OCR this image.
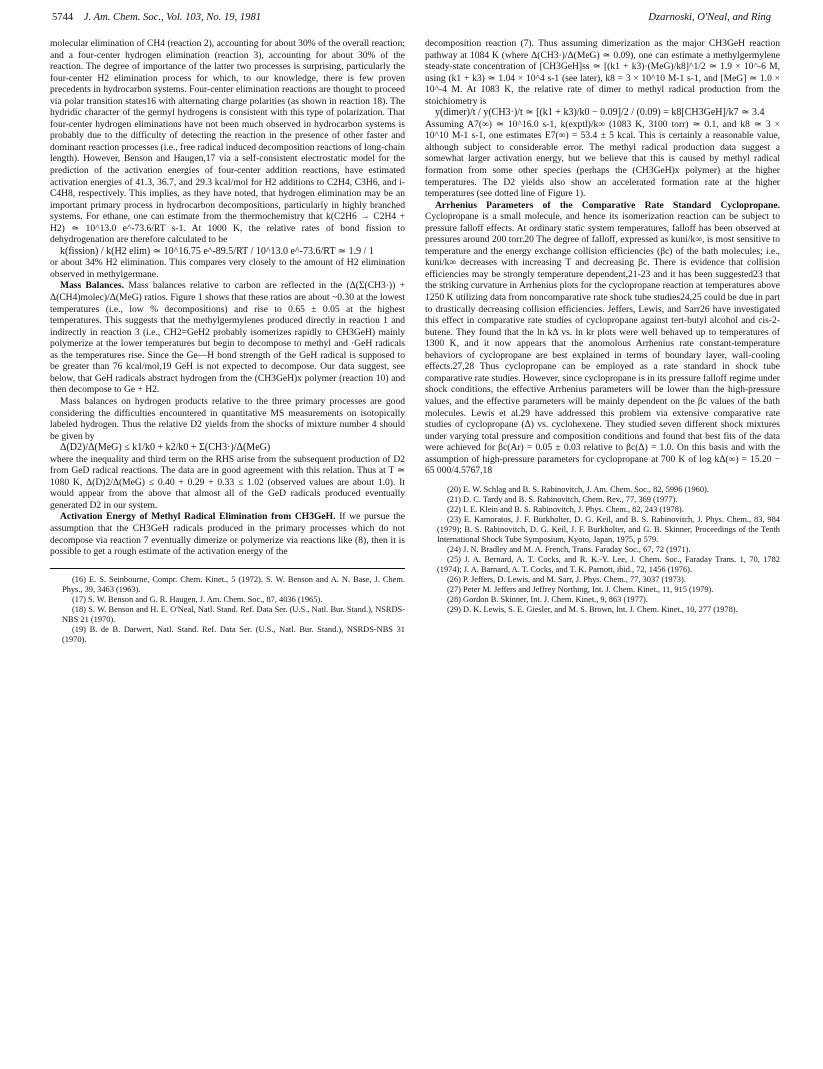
5744 J. Am. Chem. Soc., Vol. 103, No. 19, 1981	Dzarnoski, O'Neal, and Ring

molecular elimination of CH4 (reaction 2), accounting for about 30% of the overall reaction; and a four-center hydrogen elimination (reaction 3), accounting for about 30% of the reaction. The degree of importance of the latter two processes is surprising, particularly the four-center H2 elimination process for which, to our knowledge, there is few proven precedents in hydrocarbon systems. Four-center elimination reactions are thought to proceed via polar transition states16 with alternating charge polarities (as shown in reaction 18). The hydridic character of the germyl hydrogens is consistent with this type of polarization. That four-center hydrogen eliminations have not been much observed in hydrocarbon systems is probably due to the difficulty of detecting the reaction in the presence of other faster and dominant reaction processes (i.e., free radical induced decomposition reactions of long-chain length). However, Benson and Haugen,17 via a self-consistent electrostatic model for the prediction of the activation energies of four-center addition reactions, have estimated activation energies of 41.3, 36.7, and 29.3 kcal/mol for H2 additions to C2H4, C3H6, and i-C4H8, respectively. This implies, as they have noted, that hydrogen elimination may be an important primary process in hydrocarbon decompositions, particularly in highly branched systems. For ethane, one can estimate from the thermochemistry that k(C2H6 → C2H4 + H2) ≃ 10^13.0 e^-73.6/RT s-1. At 1000 K, the relative rates of bond fission to dehydrogenation are therefore calculated to be

k(fission) / k(H2 elim) ≃ 10^16.75 e^-89.5/RT / 10^13.0 e^-73.6/RT ≃ 1.9 / 1

or about 34% H2 elimination. This compares very closely to the amount of H2 elimination observed in methylgermane.

Mass Balances. Mass balances relative to carbon are reflected in the (Δ(Σ(CH3·)) + Δ(CH4)molec)/Δ(MeG) ratios. Figure 1 shows that these ratios are about ~0.30 at the lowest temperatures (i.e., low % decompositions) and rise to 0.65 ± 0.05 at the highest temperatures. This suggests that the methylgermylenes produced directly in reaction 1 and indirectly in reaction 3 (i.e., CH2=GeH2 probably isomerizes rapidly to CH3GeH) mainly polymerize at the lower temperatures but begin to decompose to methyl and ·GeH radicals as the temperatures rise. Since the Ge—H bond strength of the GeH radical is supposed to be greater than 76 kcal/mol,19 GeH is not expected to decompose. Our data suggest, see below, that GeH radicals abstract hydrogen from the (CH3GeH)x polymer (reaction 10) and then decompose to Ge + H2.

Mass balances on hydrogen products relative to the three primary processes are good considering the difficulties encountered in quantitative MS measurements on isotopically labeled hydrogen. Thus the relative D2 yields from the shocks of mixture number 4 should be given by

Δ(D2)/Δ(MeG) ≤ k1/k0 + k2/k0 + Σ(CH3·)/Δ(MeG)

where the inequality and third term on the RHS arise from the subsequent production of D2 from GeD radical reactions. The data are in good agreement with this relation. Thus at T ≃ 1080 K, Δ(D)2/Δ(MeG) ≤ 0.40 + 0.29 + 0.33 ≤ 1.02 (observed values are about 1.0). It would appear from the above that almost all of the GeD radicals produced eventually generated D2 in our system.

Activation Energy of Methyl Radical Elimination from CH3GeH. If we pursue the assumption that the CH3GeH radicals produced in the primary processes which do not decompose via reaction 7 eventually dimerize or polymerize via reactions like (8), then it is possible to get a rough estimate of the activation energy of the

(16) E. S. Seinbourne, Compr. Chem. Kinet., 5 (1972). S. W. Benson and A. N. Base, J. Chem. Phys., 39, 3463 (1963).

(17) S. W. Benson and G. R. Haugen, J. Am. Chem. Soc., 87, 4036 (1965).

(18) S. W. Benson and H. E. O'Neal, Natl. Stand. Ref. Data Ser. (U.S., Natl. Bur. Stand.), NSRDS-NBS 21 (1970).

(19) B. de B. Darwert, Natl. Stand. Ref. Data Ser. (U.S., Natl. Bur. Stand.), NSRDS-NBS 31 (1970).

decomposition reaction (7). Thus assuming dimerization as the major CH3GeH reaction pathway at 1084 K (where Δ(CH3·)/Δ(MeG) ≃ 0.09), one can estimate a methylgermylene steady-state concentration of [CH3GeH]ss ≃ [(k1 + k3)·(MeG)/k8]^1/2 ≃ 1.9 × 10^-6 M, using (k1 + k3) ≃ 1.04 × 10^4 s-1 (see later), k8 = 3 × 10^10 M-1 s-1, and [MeG] ≃ 1.0 × 10^-4 M. At 1083 K, the relative rate of dimer to methyl radical production from the stoichiometry is

y(dimer)/t / y(CH3·)/t ≃ [(k1 + k3)/k0 − 0.09]/2 / (0.09) = k8[CH3GeH]/k7 ≃ 3.4

Assuming A7(∞) ≃ 10^16.0 s-1, k(exptl)/k∞ (1083 K, 3100 torr) ≃ 0.1, and k8 ≃ 3 × 10^10 M-1 s-1, one estimates E7(∞) = 53.4 ± 5 kcal. This is certainly a reasonable value, although subject to considerable error. The methyl radical production data suggest a somewhat larger activation energy, but we believe that this is caused by methyl radical formation from some other species (perhaps the (CH3GeH)x polymer) at the higher temperatures. The D2 yields also show an accelerated formation rate at the higher temperatures (see dotted line of Figure 1).

Arrhenius Parameters of the Comparative Rate Standard Cyclopropane. Cyclopropane is a small molecule, and hence its isomerization reaction can be subject to pressure falloff effects. At ordinary static system temperatures, falloff has been observed at pressures around 200 torr.20 The degree of falloff, expressed as kuni/k∞, is most sensitive to temperature and the energy exchange collision efficiencies (βc) of the bath molecules; i.e., kuni/k∞ decreases with increasing T and decreasing βc. There is evidence that collision efficiencies may be strongly temperature dependent,21-23 and it has been suggested23 that the striking curvature in Arrhenius plots for the cyclopropane reaction at temperatures above 1250 K utilizing data from noncomparative rate shock tube studies24,25 could be due in part to drastically decreasing collision efficiencies. Jeffers, Lewis, and Sarr26 have investigated this effect in comparative rate studies of cyclopropane against tert-butyl alcohol and cis-2-butene. They found that the ln kΔ vs. ln kr plots were well behaved up to temperatures of 1300 K, and it now appears that the anomolous Arrhenius rate constant-temperature behaviors of cyclopropane are best explained in terms of boundary layer, wall-cooling effects.27,28 Thus cyclopropane can be employed as a rate standard in shock tube comparative rate studies. However, since cyclopropane is in its pressure falloff regime under shock conditions, the effective Arrhenius parameters will be lower than the high-pressure values, and the effective parameters will be mainly dependent on the βc values of the bath molecules. Lewis et al.29 have addressed this problem via extensive comparative rate studies of cyclopropane (Δ) vs. cyclohexene. They studied seven different shock mixtures under varying total pressure and composition conditions and found that best fits of the data were achieved for βc(Ar) = 0.05 ± 0.03 relative to βc(Δ) = 1.0. On this basis and with the assumption of high-pressure parameters for cyclopropane at 700 K of log kΔ(∞) = 15.20 − 65 000/4.5767,18

(20) E. W. Schlag and B. S. Rabinovitch, J. Am. Chem. Soc., 82, 5996 (1960).

(21) D. C. Tardy and B. S. Rabinovitch, Chem. Rev., 77, 369 (1977).

(22) I. E. Klein and B. S. Rabinovitch, J. Phys. Chem., 82, 243 (1978).

(23) E. Kamoratos, J. F. Burkholter, D. G. Keil, and B. S. Rabinovitch, J. Phys. Chem., 83, 984 (1979); B. S. Rabinovitch, D. G. Keil, J. F. Burkholter, and G. B. Skinner, Proceedings of the Tenth International Shock Tube Symposium, Kyoto, Japan, 1975, p 579.

(24) J. N. Bradley and M. A. French, Trans. Faraday Soc., 67, 72 (1971).

(25) J. A. Bernard, A. T. Cocks, and R. K.-Y. Lee, J. Chem. Soc., Faraday Trans. 1, 70, 1782 (1974); J. A. Barnard, A. T. Cocks, and T. K. Parnott, ibid., 72, 1456 (1976).

(26) P. Jeffers, D. Lewis, and M. Sarr, J. Phys. Chem., 77, 3037 (1973).

(27) Peter M. Jeffers and Jeffrey Northing, Int. J. Chem. Kinet., 11, 915 (1979).

(28) Gordon B. Skinner, Int. J. Chem. Kinet., 9, 863 (1977).

(29) D. K. Lewis, S. E. Giesler, and M. S. Brown, Int. J. Chem. Kinet., 10, 277 (1978).
